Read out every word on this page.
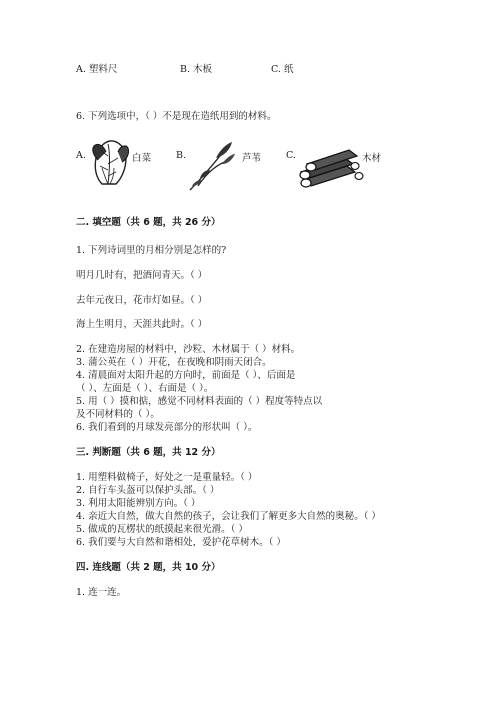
A. 塑料尺	B. 木板	C. 纸
6. 下列选项中，（ ）不是现在造纸用到的材料。
A.	白菜	B.	芦苇	C.	木材
二. 填空题（共 6 题，共 26 分）
1. 下列诗词里的月相分别是怎样的?
明月几时有，把酒问青天。（ ）
去年元夜日，花市灯如昼。（ ）
海上生明月，天涯共此时。（ ）
2. 在建造房屋的材料中，沙粒、木材属于（ ）材料。
3. 蒲公英在（ ）开花，在夜晚和阴雨天闭合。
4. 清晨面对太阳升起的方向时，前面是（ ）、后面是
（ ）、左面是（ ）、右面是（ ）。
5. 用（ ）摸和掂，感觉不同材料表面的（ ）程度等特点以
及不同材料的（ ）。
6. 我们看到的月球发亮部分的形状叫（ ）。
三. 判断题（共 6 题，共 12 分）
1. 用塑料做椅子，好处之一是重量轻。（ ）
2. 自行车头盔可以保护头部。（ ）
3. 利用太阳能辨别方向。（ ）
4. 亲近大自然，做大自然的孩子，会让我们了解更多大自然的奥秘。（ ）
5. 做成的瓦楞状的纸摸起来很光滑。（ ）
6. 我们要与大自然和谐相处，爱护花草树木。（ ）
四. 连线题（共 2 题，共 10 分）
1. 连一连。
